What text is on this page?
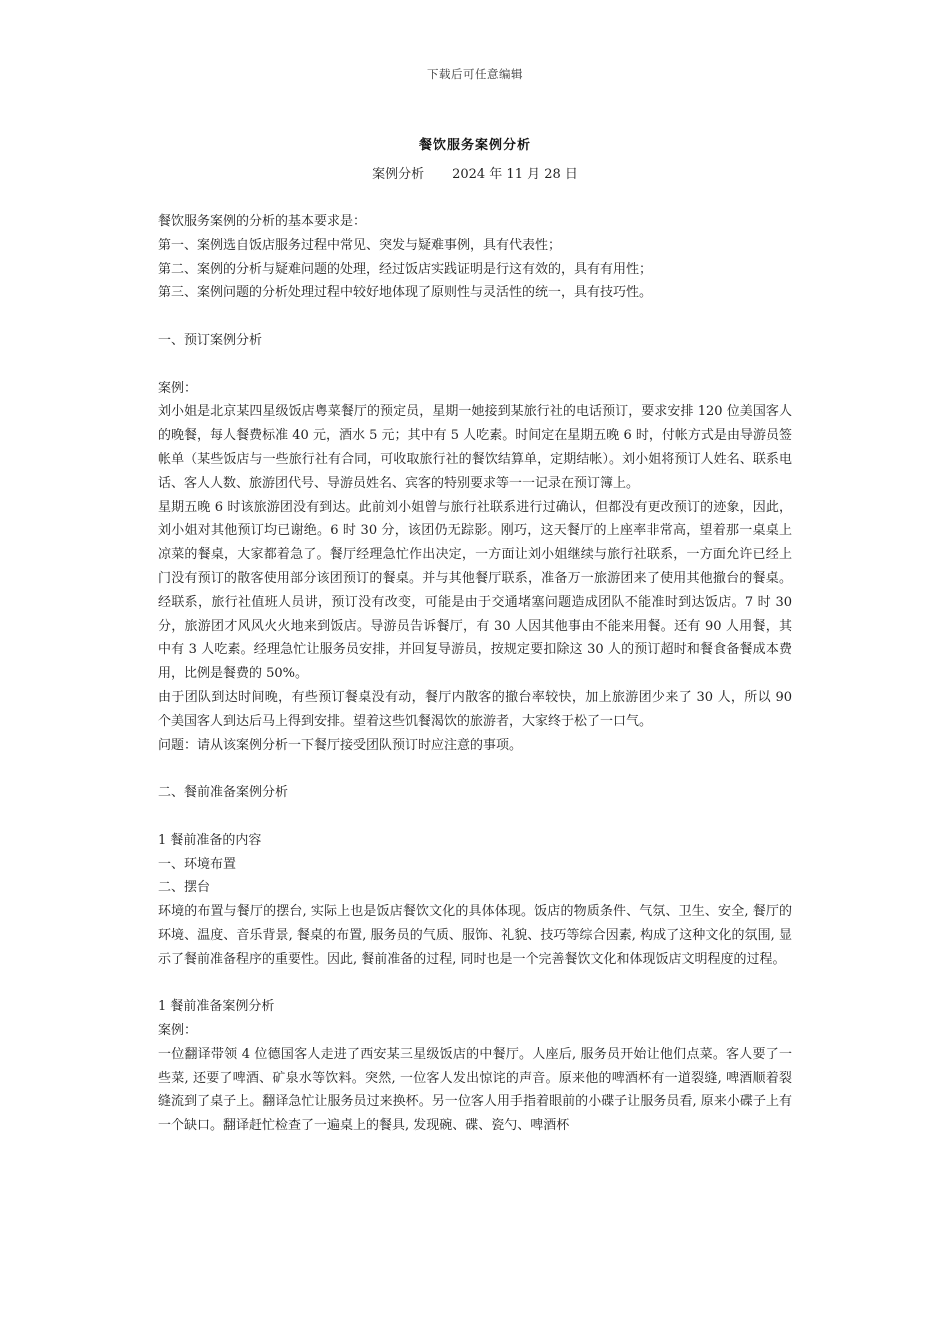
下载后可任意编辑
餐饮服务案例分析
案例分析 2024 年 11 月 28 日

餐饮服务案例的分析的基本要求是：

第一、案例选自饭店服务过程中常见、突发与疑难事例，具有代表性；

第二、案例的分析与疑难问题的处理，经过饭店实践证明是行这有效的，具有有用性；

第三、案例问题的分析处理过程中较好地体现了原则性与灵活性的统一，具有技巧性。

一、预订案例分析

案例：

刘小姐是北京某四星级饭店粤菜餐厅的预定员，星期一她接到某旅行社的电话预订，要求安排 120 位美国客人的晚餐，每人餐费标准 40 元，酒水 5 元；其中有 5 人吃素。时间定在星期五晚 6 时，付帐方式是由导游员签帐单（某些饭店与一些旅行社有合同，可收取旅行社的餐饮结算单，定期结帐）。刘小姐将预订人姓名、联系电话、客人人数、旅游团代号、导游员姓名、宾客的特别要求等一一记录在预订簿上。

星期五晚 6 时该旅游团没有到达。此前刘小姐曾与旅行社联系进行过确认，但都没有更改预订的迹象，因此，刘小姐对其他预订均已谢绝。6 时 30 分，该团仍无踪影。刚巧，这天餐厅的上座率非常高，望着那一桌桌上凉菜的餐桌，大家都着急了。餐厅经理急忙作出决定，一方面让刘小姐继续与旅行社联系，一方面允许已经上门没有预订的散客使用部分该团预订的餐桌。并与其他餐厅联系，准备万一旅游团来了使用其他撤台的餐桌。经联系，旅行社值班人员讲，预订没有改变，可能是由于交通堵塞问题造成团队不能准时到达饭店。7 时 30 分，旅游团才风风火火地来到饭店。导游员告诉餐厅，有 30 人因其他事由不能来用餐。还有 90 人用餐，其中有 3 人吃素。经理急忙让服务员安排，并回复导游员，按规定要扣除这 30 人的预订超时和餐食备餐成本费用，比例是餐费的 50%。

由于团队到达时间晚，有些预订餐桌没有动，餐厅内散客的撤台率较快，加上旅游团少来了 30 人，所以 90 个美国客人到达后马上得到安排。望着这些饥餐渴饮的旅游者，大家终于松了一口气。

问题：请从该案例分析一下餐厅接受团队预订时应注意的事项。

二、餐前准备案例分析

1 餐前准备的内容

一、环境布置

二、摆台

环境的布置与餐厅的摆台, 实际上也是饭店餐饮文化的具体体现。饭店的物质条件、气氛、卫生、安全, 餐厅的环境、温度、音乐背景, 餐桌的布置, 服务员的气质、服饰、礼貌、技巧等综合因素, 构成了这种文化的氛围, 显示了餐前准备程序的重要性。因此, 餐前准备的过程, 同时也是一个完善餐饮文化和体现饭店文明程度的过程。

1 餐前准备案例分析

案例：

一位翻译带领 4 位德国客人走进了西安某三星级饭店的中餐厅。人座后, 服务员开始让他们点菜。客人要了一些菜, 还要了啤酒、矿泉水等饮料。突然, 一位客人发出惊诧的声音。原来他的啤酒杯有一道裂缝, 啤酒顺着裂缝流到了桌子上。翻译急忙让服务员过来换杯。另一位客人用手指着眼前的小碟子让服务员看, 原来小碟子上有一个缺口。翻译赶忙检查了一遍桌上的餐具, 发现碗、碟、瓷勺、啤酒杯
